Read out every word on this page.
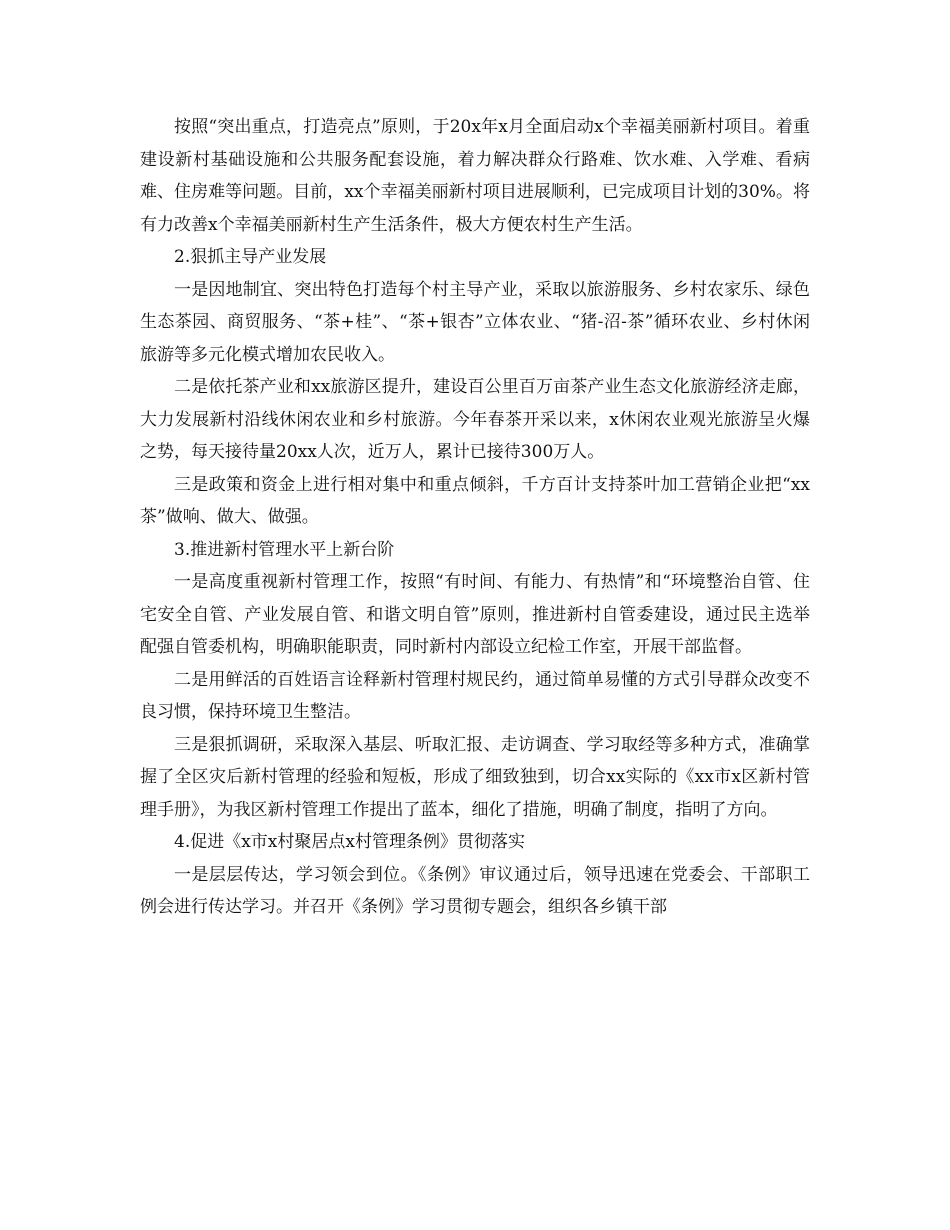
按照“突出重点，打造亮点”原则，于20x年x月全面启动x个幸福美丽新村项目。着重建设新村基础设施和公共服务配套设施，着力解决群众行路难、饮水难、入学难、看病难、住房难等问题。目前，xx个幸福美丽新村项目进展顺利，已完成项目计划的30%。将有力改善x个幸福美丽新村生产生活条件，极大方便农村生产生活。

2.狠抓主导产业发展

一是因地制宜、突出特色打造每个村主导产业，采取以旅游服务、乡村农家乐、绿色生态茶园、商贸服务、“茶+桂”、“茶+银杏”立体农业、“猪-沼-茶”循环农业、乡村休闲旅游等多元化模式增加农民收入。

二是依托茶产业和xx旅游区提升，建设百公里百万亩茶产业生态文化旅游经济走廊，大力发展新村沿线休闲农业和乡村旅游。今年春茶开采以来，x休闲农业观光旅游呈火爆之势，每天接待量20xx人次，近万人，累计已接待300万人。

三是政策和资金上进行相对集中和重点倾斜，千方百计支持茶叶加工营销企业把“xx茶”做响、做大、做强。

3.推进新村管理水平上新台阶

一是高度重视新村管理工作，按照“有时间、有能力、有热情”和“环境整治自管、住宅安全自管、产业发展自管、和谐文明自管”原则，推进新村自管委建设，通过民主选举配强自管委机构，明确职能职责，同时新村内部设立纪检工作室，开展干部监督。

二是用鲜活的百姓语言诠释新村管理村规民约，通过简单易懂的方式引导群众改变不良习惯，保持环境卫生整洁。

三是狠抓调研，采取深入基层、听取汇报、走访调查、学习取经等多种方式，准确掌握了全区灾后新村管理的经验和短板，形成了细致独到，切合xx实际的《xx市x区新村管理手册》，为我区新村管理工作提出了蓝本，细化了措施，明确了制度，指明了方向。

4.促进《x市x村聚居点x村管理条例》贯彻落实

一是层层传达，学习领会到位。《条例》审议通过后，领导迅速在党委会、干部职工例会进行传达学习。并召开《条例》学习贯彻专题会，组织各乡镇干部
